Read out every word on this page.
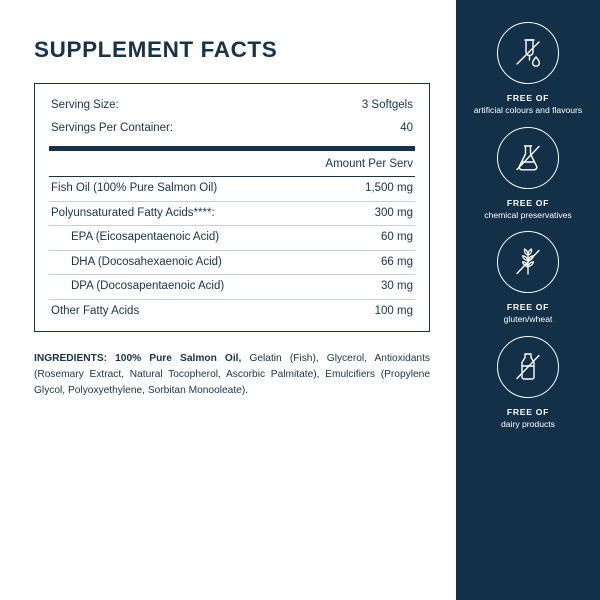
SUPPLEMENT FACTS
Serving Size:	3 Softgels
Servings Per Container:	40
Amount Per Serv
Fish Oil (100% Pure Salmon Oil)	1,500 mg
Polyunsaturated Fatty Acids****:	300 mg
EPA (Eicosapentaenoic Acid)	60 mg
DHA (Docosahexaenoic Acid)	66 mg
DPA (Docosapentaenoic Acid)	30 mg
Other Fatty Acids	100 mg

INGREDIENTS: 100% Pure Salmon Oil, Gelatin (Fish), Glycerol, Antioxidants (Rosemary Extract, Natural Tocopherol, Ascorbic Palmitate), Emulcifiers (Propylene Glycol, Polyoxyethylene, Sorbitan Monooleate).

FREE OF
artificial colours and flavours
FREE OF
chemical preservatives
FREE OF
gluten/wheat
FREE OF
dairy products
